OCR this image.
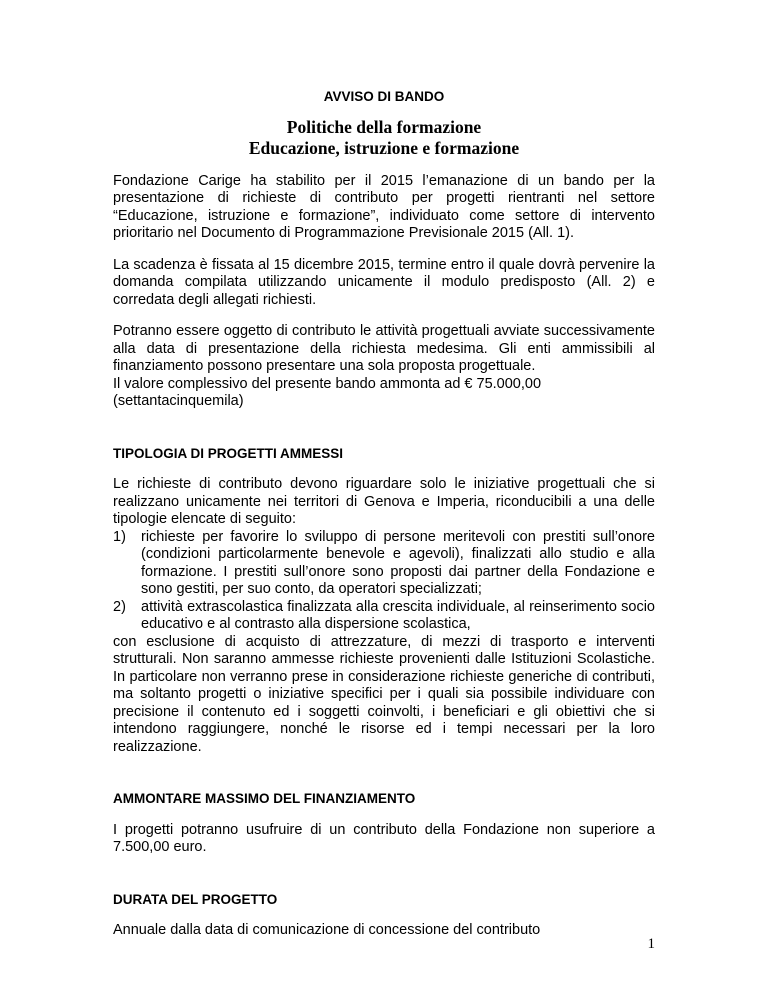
AVVISO DI BANDO

Politiche della formazione
Educazione, istruzione e formazione

Fondazione Carige ha stabilito per il 2015 l’emanazione di un bando per la presentazione di richieste di contributo per progetti rientranti nel settore “Educazione, istruzione e formazione”, individuato come settore di intervento prioritario nel Documento di Programmazione Previsionale 2015 (All. 1).

La scadenza è fissata al 15 dicembre 2015, termine entro il quale dovrà pervenire la domanda compilata utilizzando unicamente il modulo predisposto (All. 2) e corredata degli allegati richiesti.

Potranno essere oggetto di contributo le attività progettuali avviate successivamente alla data di presentazione della richiesta medesima. Gli enti ammissibili al finanziamento possono presentare una sola proposta progettuale.

Il valore complessivo del presente bando ammonta ad € 75.000,00 (settantacinquemila)

TIPOLOGIA DI PROGETTI AMMESSI

Le richieste di contributo devono riguardare solo le iniziative progettuali che si realizzano unicamente nei territori di Genova e Imperia, riconducibili a una delle tipologie elencate di seguito:

1) richieste per favorire lo sviluppo di persone meritevoli con prestiti sull’onore (condizioni particolarmente benevole e agevoli), finalizzati allo studio e alla formazione. I prestiti sull’onore sono proposti dai partner della Fondazione e sono gestiti, per suo conto, da operatori specializzati;
2) attività extrascolastica finalizzata alla crescita individuale, al reinserimento socio educativo e al contrasto alla dispersione scolastica,

con esclusione di acquisto di attrezzature, di mezzi di trasporto e interventi strutturali. Non saranno ammesse richieste provenienti dalle Istituzioni Scolastiche. In particolare non verranno prese in considerazione richieste generiche di contributi, ma soltanto progetti o iniziative specifici per i quali sia possibile individuare con precisione il contenuto ed i soggetti coinvolti, i beneficiari e gli obiettivi che si intendono raggiungere, nonché le risorse ed i tempi necessari per la loro realizzazione.

AMMONTARE MASSIMO DEL FINANZIAMENTO

I progetti potranno usufruire di un contributo della Fondazione non superiore a 7.500,00 euro.

DURATA DEL PROGETTO

Annuale dalla data di comunicazione di concessione del contributo

1
